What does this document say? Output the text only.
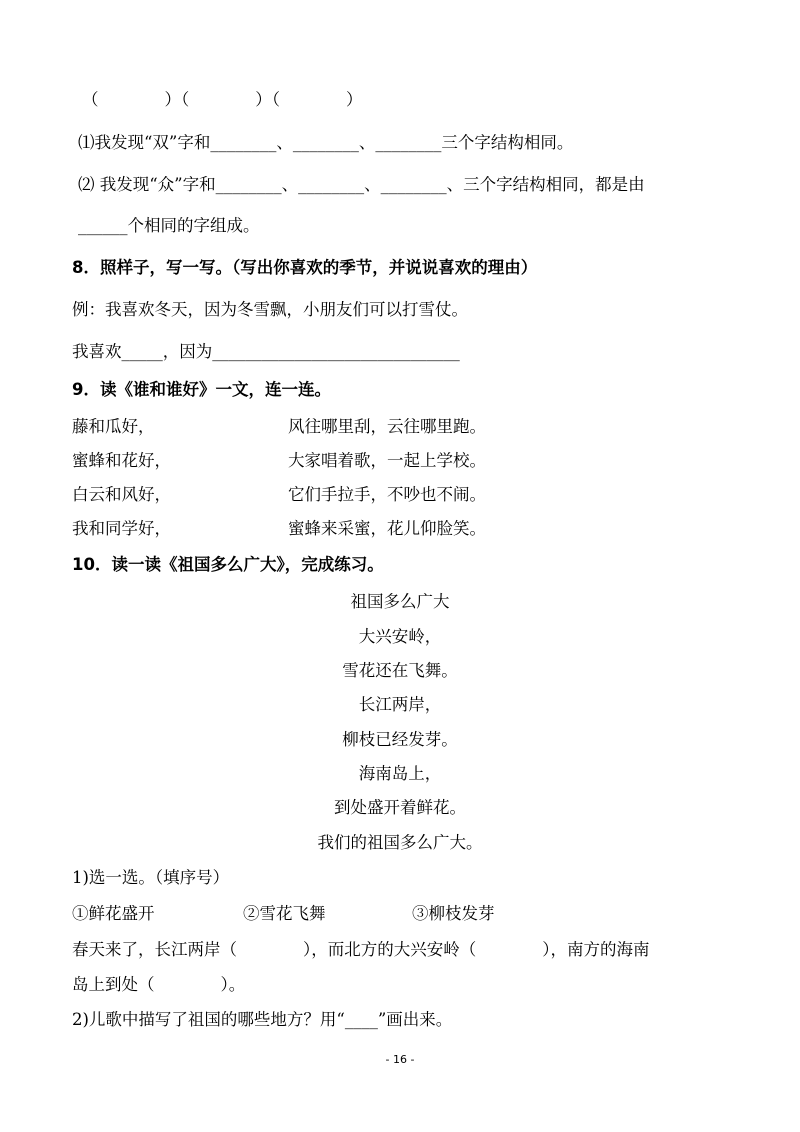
（　　　　）（　　　　）（　　　　）
⑴我发现“双”字和________、________、________三个字结构相同。
⑵ 我发现“众”字和________、________、________、三个字结构相同，都是由
______个相同的字组成。
8．照样子，写一写。（写出你喜欢的季节，并说说喜欢的理由）
例：我喜欢冬天，因为冬雪飘，小朋友们可以打雪仗。
我喜欢_____，因为______________________________
9．读《谁和谁好》一文，连一连。
藤和瓜好，
蜜蜂和花好，
白云和风好，
我和同学好，
风往哪里刮，云往哪里跑。
大家唱着歌，一起上学校。
它们手拉手，不吵也不闹。
蜜蜂来采蜜，花儿仰脸笑。
10．读一读《祖国多么广大》，完成练习。
祖国多么广大
大兴安岭，
雪花还在飞舞。
长江两岸，
柳枝已经发芽。
海南岛上，
到处盛开着鲜花。
我们的祖国多么广大。
1)选一选。（填序号）
①鲜花盛开	②雪花飞舞	③柳枝发芽
春天来了，长江两岸（　　　　），而北方的大兴安岭（　　　　），南方的海南
岛上到处（　　　　）。
2)儿歌中描写了祖国的哪些地方？用“____”画出来。
- 16 -
